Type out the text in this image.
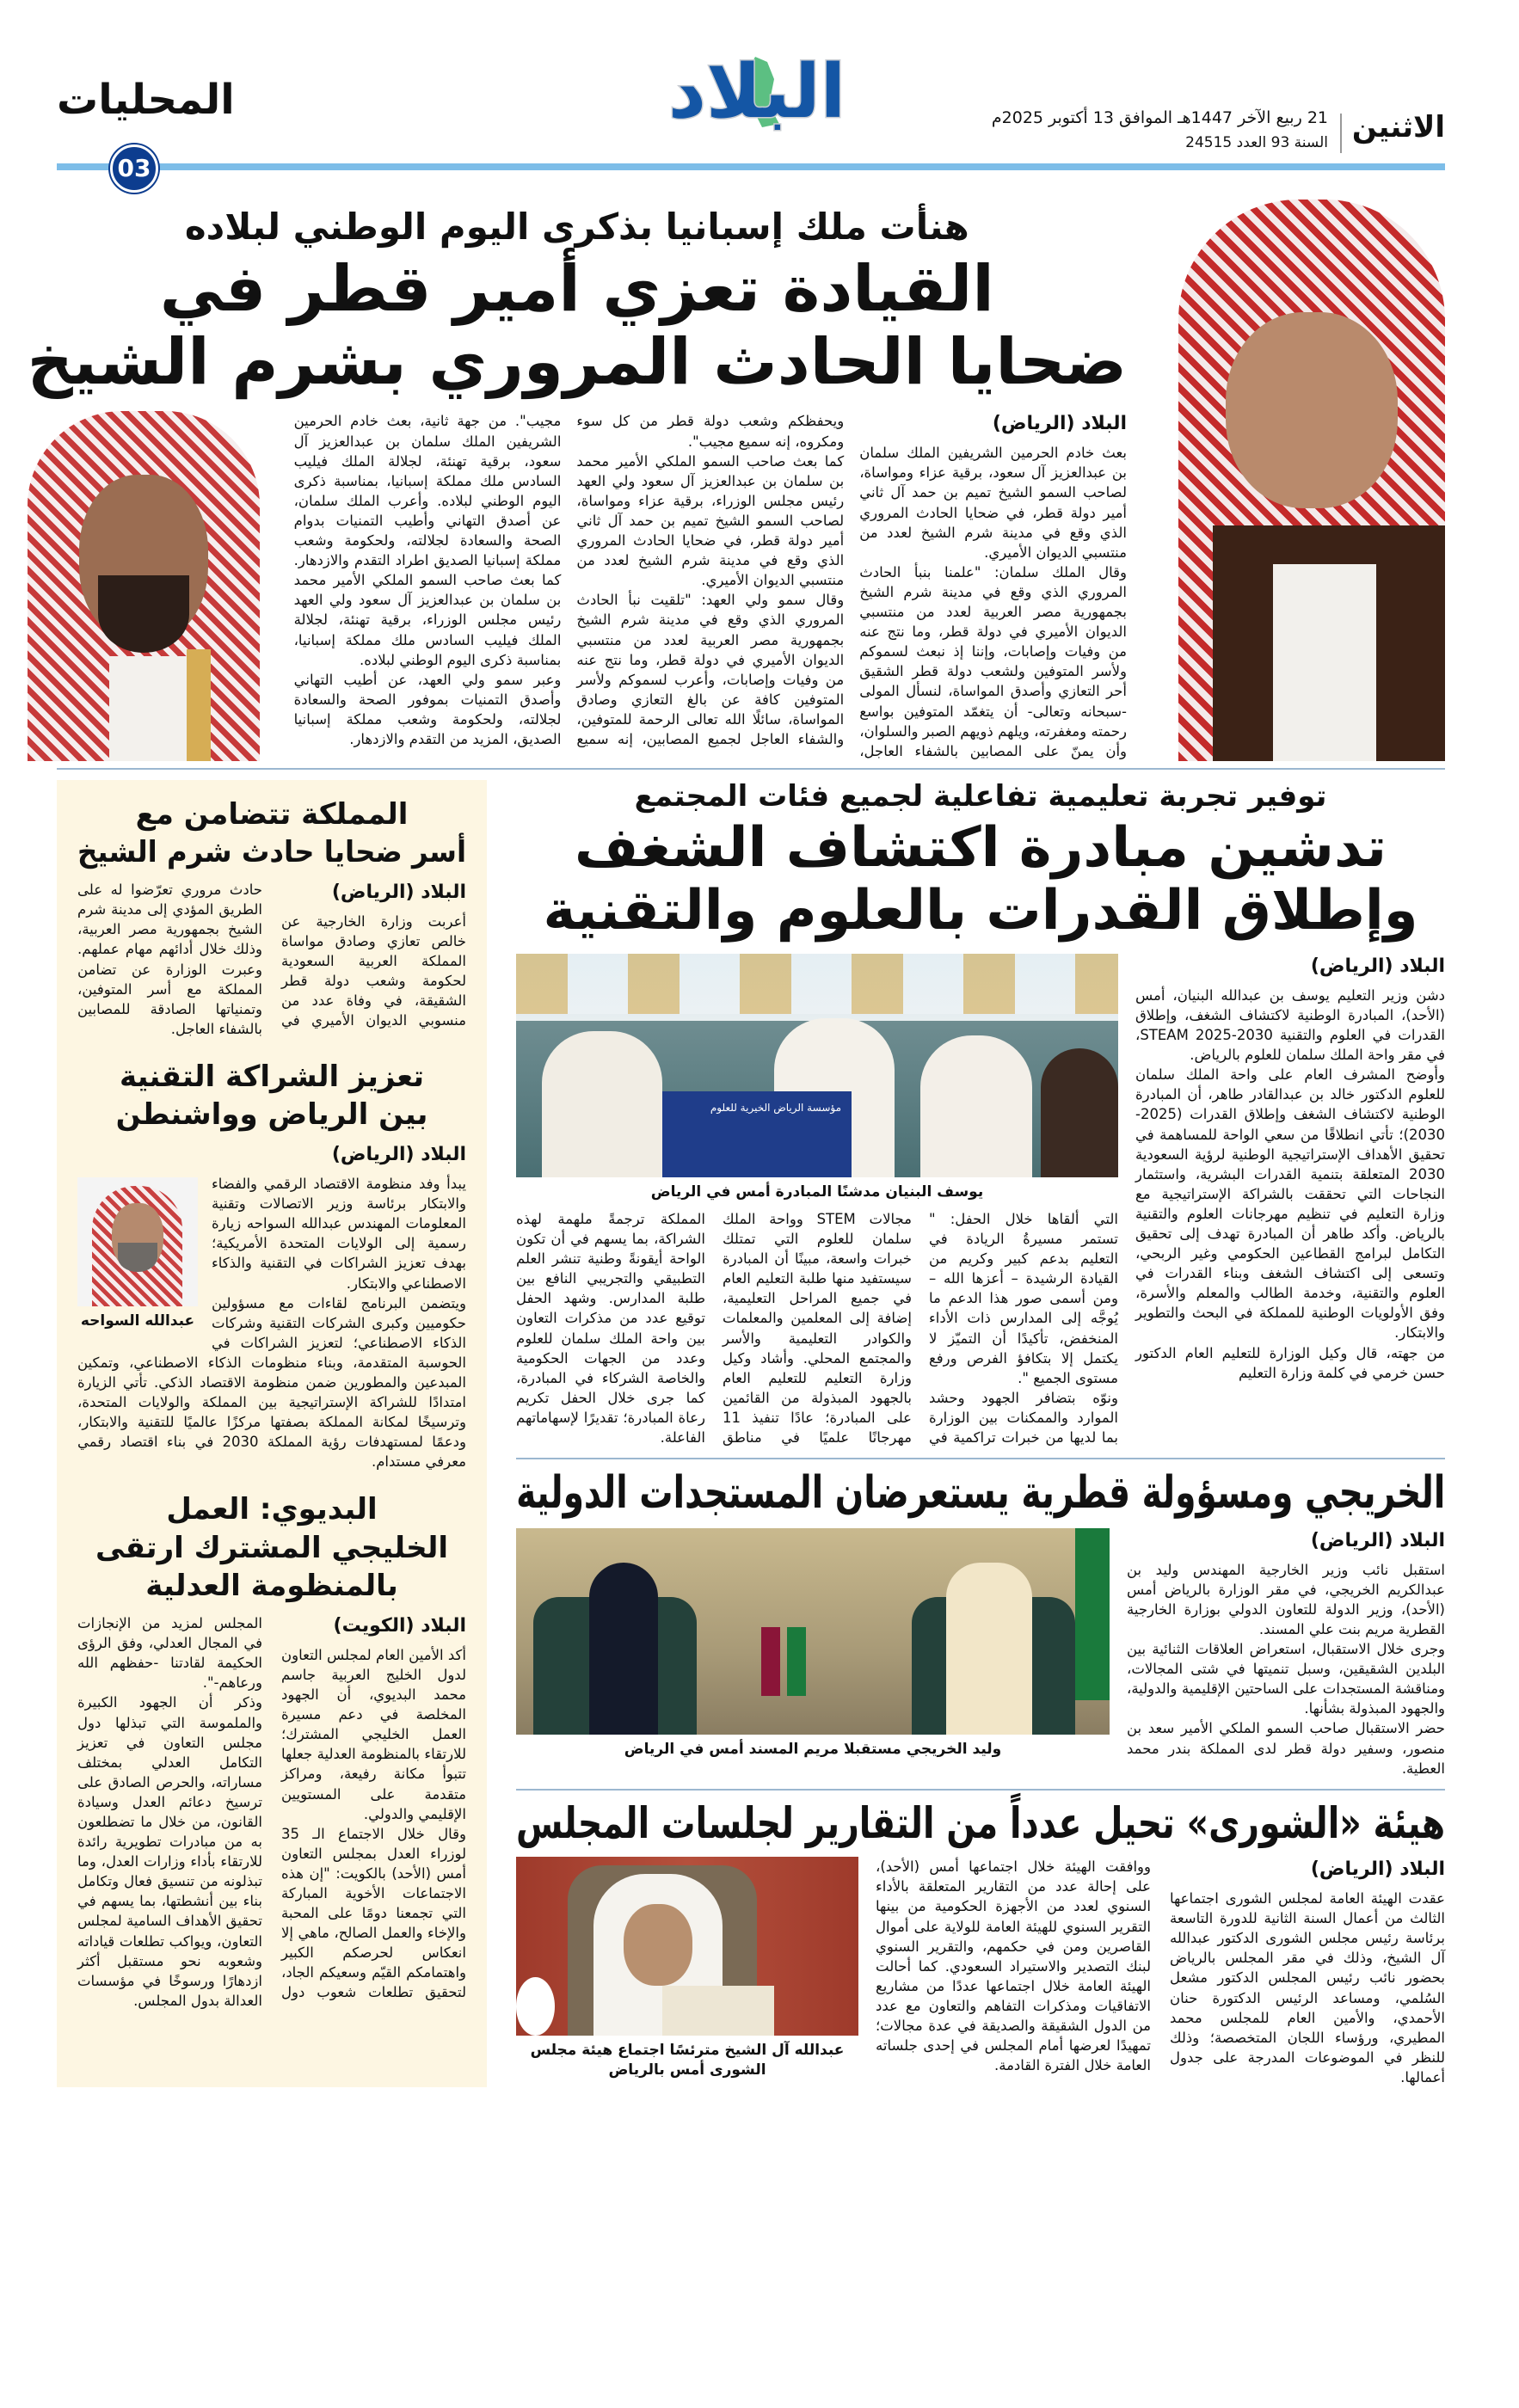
الاثنين
21 ربيع الآخر 1447هـ الموافق 13 أكتوبر 2025م
السنة 93 العدد 24515
البلاد
المحليات
03
هنأت ملك إسبانيا بذكرى اليوم الوطني لبلاده
القيادة تعزي أمير قطر في
ضحايا الحادث المروري بشرم الشيخ
البلاد (الرياض)

بعث خادم الحرمين الشريفين الملك سلمان بن عبدالعزيز آل سعود، برقية عزاء ومواساة، لصاحب السمو الشيخ تميم بن حمد آل ثاني أمير دولة قطر، في ضحايا الحادث المروري الذي وقع في مدينة شرم الشيخ لعدد من منتسبي الديوان الأميري.

وقال الملك سلمان: "علمنا بنبأ الحادث المروري الذي وقع في مدينة شرم الشيخ بجمهورية مصر العربية لعدد من منتسبي الديوان الأميري في دولة قطر، وما نتج عنه من وفيات وإصابات، وإننا إذ نبعث لسموكم ولأسر المتوفين ولشعب دولة قطر الشقيق أحر التعازي وأصدق المواساة، لنسأل المولى -سبحانه وتعالى- أن يتغمّد المتوفين بواسع رحمته ومغفرته، ويلهم ذويهم الصبر والسلوان، وأن يمنّ على المصابين بالشفاء العاجل، ويحفظكم وشعب دولة قطر من كل سوء ومكروه، إنه سميع مجيب".

كما بعث صاحب السمو الملكي الأمير محمد بن سلمان بن عبدالعزيز آل سعود ولي العهد رئيس مجلس الوزراء، برقية عزاء ومواساة، لصاحب السمو الشيخ تميم بن حمد آل ثاني أمير دولة قطر، في ضحايا الحادث المروري الذي وقع في مدينة شرم الشيخ لعدد من منتسبي الديوان الأميري.

وقال سمو ولي العهد: "تلقيت نبأ الحادث المروري الذي وقع في مدينة شرم الشيخ بجمهورية مصر العربية لعدد من منتسبي الديوان الأميري في دولة قطر، وما نتج عنه من وفيات وإصابات، وأعرب لسموكم ولأسر المتوفين كافة عن بالغ التعازي وصادق المواساة، سائلًا الله تعالى الرحمة للمتوفين، والشفاء العاجل لجميع المصابين، إنه سميع مجيب". من جهة ثانية، بعث خادم الحرمين الشريفين الملك سلمان بن عبدالعزيز آل سعود، برقية تهنئة، لجلالة الملك فيليب السادس ملك مملكة إسبانيا، بمناسبة ذكرى اليوم الوطني لبلاده. وأعرب الملك سلمان، عن أصدق التهاني وأطيب التمنيات بدوام الصحة والسعادة لجلالته، ولحكومة وشعب مملكة إسبانيا الصديق اطراد التقدم والازدهار. كما بعث صاحب السمو الملكي الأمير محمد بن سلمان بن عبدالعزيز آل سعود ولي العهد رئيس مجلس الوزراء، برقية تهنئة، لجلالة الملك فيليب السادس ملك مملكة إسبانيا، بمناسبة ذكرى اليوم الوطني لبلاده.

وعبر سمو ولي العهد، عن أطيب التهاني وأصدق التمنيات بموفور الصحة والسعادة لجلالته، ولحكومة وشعب مملكة إسبانيا الصديق، المزيد من التقدم والازدهار.

توفير تجربة تعليمية تفاعلية لجميع فئات المجتمع
تدشين مبادرة اكتشاف الشغف
وإطلاق القدرات بالعلوم والتقنية
البلاد (الرياض)

دشن وزير التعليم يوسف بن عبدالله البنيان، أمس (الأحد)، المبادرة الوطنية لاكتشاف الشغف، وإطلاق القدرات في العلوم والتقنية STEAM 2025-2030، في مقر واحة الملك سلمان للعلوم بالرياض.

وأوضح المشرف العام على واحة الملك سلمان للعلوم الدكتور خالد بن عبدالقادر طاهر، أن المبادرة الوطنية لاكتشاف الشغف وإطلاق القدرات (2025-2030)؛ تأتي انطلاقًا من سعي الواحة للمساهمة في تحقيق الأهداف الإستراتيجية الوطنية لرؤية السعودية 2030 المتعلقة بتنمية القدرات البشرية، واستثمار النجاحات التي تحققت بالشراكة الإستراتيجية مع وزارة التعليم في تنظيم مهرجانات العلوم والتقنية بالرياض. وأكد طاهر أن المبادرة تهدف إلى تحقيق التكامل لبرامج القطاعين الحكومي وغير الربحي، وتسعى إلى اكتشاف الشغف وبناء القدرات في العلوم والتقنية، وخدمة الطالب والمعلم والأسرة، وفق الأولويات الوطنية للمملكة في البحث والتطوير والابتكار.

من جهته، قال وكيل الوزارة للتعليم العام الدكتور حسن خرمي في كلمة وزارة التعليم

مؤسسة الرياض الخيرية للعلوم
يوسف البنيان مدشنًا المبادرة أمس في الرياض

التي ألقاها خلال الحفل: " تستمر مسيرةُ الريادة في التعليم بدعم كبير وكريم من القيادة الرشيدة – أعزها الله – ومن أسمى صور هذا الدعم ما يُوجَّه إلى المدارس ذات الأداء المنخفض، تأكيدًا أن التميّز لا يكتمل إلا بتكافؤ الفرص ورفع مستوى الجميع ".

ونوّه بتضافر الجهود وحشد الموارد والممكنات بين الوزارة بما لديها من خبرات تراكمية في مجالات STEM وواحة الملك سلمان للعلوم التي تمتلك خبرات واسعة، مبينًا أن المبادرة سيستفيد منها طلبة التعليم العام في جميع المراحل التعليمية، إضافة إلى المعلمين والمعلمات والكوادر التعليمية والأسر والمجتمع المحلي. وأشاد وكيل وزارة التعليم للتعليم العام بالجهود المبذولة من القائمين على المبادرة؛ عادًا تنفيذ 11 مهرجانًا علميًا في مناطق المملكة ترجمةً ملهمة لهذه الشراكة، بما يسهم في أن تكون الواحة أيقونةً وطنية تنشر العلم التطبيقي والتجريبي النافع بين طلبة المدارس. وشهد الحفل توقيع عدد من مذكرات التعاون بين واحة الملك سلمان للعلوم وعدد من الجهات الحكومية والخاصة الشركاء في المبادرة، كما جرى خلال الحفل تكريم رعاة المبادرة؛ تقديرًا لإسهاماتهم الفاعلة.

الخريجي ومسؤولة قطرية يستعرضان المستجدات الدولية
البلاد (الرياض)

استقبل نائب وزير الخارجية المهندس وليد بن عبدالكريم الخريجي، في مقر الوزارة بالرياض أمس (الأحد)، وزير الدولة للتعاون الدولي بوزارة الخارجية القطرية مريم بنت علي المسند.

وجرى خلال الاستقبال، استعراض العلاقات الثنائية بين البلدين الشقيقين، وسبل تنميتها في شتى المجالات، ومناقشة المستجدات على الساحتين الإقليمية والدولية، والجهود المبذولة بشأنها.

حضر الاستقبال صاحب السمو الملكي الأمير سعد بن منصور، وسفير دولة قطر لدى المملكة بندر محمد العطية.

وليد الخريجي مستقبلا مريم المسند أمس في الرياض
هيئة «الشورى» تحيل عدداً من التقارير لجلسات المجلس
البلاد (الرياض)

عقدت الهيئة العامة لمجلس الشورى اجتماعها الثالث من أعمال السنة الثانية للدورة التاسعة برئاسة رئيس مجلس الشورى الدكتور عبدالله آل الشيخ، وذلك في مقر المجلس بالرياض بحضور نائب رئيس المجلس الدكتور مشعل السُلمي، ومساعد الرئيس الدكتورة حنان الأحمدي، والأمين العام للمجلس محمد المطيري، ورؤساء اللجان المتخصصة؛ وذلك للنظر في الموضوعات المدرجة على جدول أعمالها.

ووافقت الهيئة خلال اجتماعها أمس (الأحد)، على إحالة عدد من التقارير المتعلقة بالأداء السنوي لعدد من الأجهزة الحكومية من بينها التقرير السنوي للهيئة العامة للولاية على أموال القاصرين ومن في حكمهم، والتقرير السنوي لبنك التصدير والاستيراد السعودي. كما أحالت الهيئة العامة خلال اجتماعها عددًا من مشاريع الاتفاقيات ومذكرات التفاهم والتعاون مع عدد من الدول الشقيقة والصديقة في عدة مجالات؛ تمهيدًا لعرضها أمام المجلس في إحدى جلساته العامة خلال الفترة القادمة.

عبدالله آل الشيخ مترئسًا اجتماع هيئة مجلس الشورى أمس بالرياض
المملكة تتضامن مع
أسر ضحايا حادث شرم الشيخ
البلاد (الرياض)

أعربت وزارة الخارجية عن خالص تعازي وصادق مواساة المملكة العربية السعودية لحكومة وشعب دولة قطر الشقيقة، في وفاة عدد من منسوبي الديوان الأميري في حادث مروري تعرّضوا له على الطريق المؤدي إلى مدينة شرم الشيخ بجمهورية مصر العربية، وذلك خلال أدائهم مهام عملهم. وعبرت الوزارة عن تضامن المملكة مع أسر المتوفين، وتمنياتها الصادقة للمصابين بالشفاء العاجل.

تعزيز الشراكة التقنية
بين الرياض وواشنطن
البلاد (الرياض)
عبدالله السواحه

يبدأ وفد منظومة الاقتصاد الرقمي والفضاء والابتكار برئاسة وزير الاتصالات وتقنية المعلومات المهندس عبدالله السواحه زيارة رسمية إلى الولايات المتحدة الأمريكية؛ بهدف تعزيز الشراكات في التقنية والذكاء الاصطناعي والابتكار.

ويتضمن البرنامج لقاءات مع مسؤولين حكوميين وكبرى الشركات التقنية وشركات الذكاء الاصطناعي؛ لتعزيز الشراكات في الحوسبة المتقدمة، وبناء منظومات الذكاء الاصطناعي، وتمكين المبدعين والمطورين ضمن منظومة الاقتصاد الذكي. تأتي الزيارة امتدادًا للشراكة الإستراتيجية بين المملكة والولايات المتحدة، وترسيخًا لمكانة المملكة بصفتها مركزًا عالميًا للتقنية والابتكار، ودعمًا لمستهدفات رؤية المملكة 2030 في بناء اقتصاد رقمي معرفي مستدام.

البديوي: العمل
الخليجي المشترك ارتقى
بالمنظومة العدلية
البلاد (الكويت)

أكد الأمين العام لمجلس التعاون لدول الخليج العربية جاسم محمد البديوي، أن الجهود المخلصة في دعم مسيرة العمل الخليجي المشترك؛ للارتقاء بالمنظومة العدلية جعلها تتبوأ مكانة رفيعة، ومراكز متقدمة على المستويين الإقليمي والدولي.

وقال خلال الاجتماع الـ 35 لوزراء العدل بمجلس التعاون أمس (الأحد) بالكويت: "إن هذه الاجتماعات الأخوية المباركة التي تجمعنا دومًا على المحبة والإخاء والعمل الصالح، ماهي إلا انعكاس لحرصكم الكبير واهتمامكم القيّم وسعيكم الجاد، لتحقيق تطلعات شعوب دول المجلس لمزيد من الإنجازات في المجال العدلي، وفق الرؤى الحكيمة لقادتنا -حفظهم الله ورعاهم-".

وذكر أن الجهود الكبيرة والملموسة التي تبذلها دول مجلس التعاون في تعزيز التكامل العدلي بمختلف مساراته، والحرص الصادق على ترسيخ دعائم العدل وسيادة القانون، من خلال ما تضطلعون به من مبادرات تطويرية رائدة للارتقاء بأداء وزارات العدل، وما تبذلونه من تنسيق فعال وتكامل بناء بين أنشطتها، بما يسهم في تحقيق الأهداف السامية لمجلس التعاون، ويواكب تطلعات قياداته وشعوبه نحو مستقبل أكثر ازدهارًا ورسوخًا في مؤسسات العدالة بدول المجلس.
